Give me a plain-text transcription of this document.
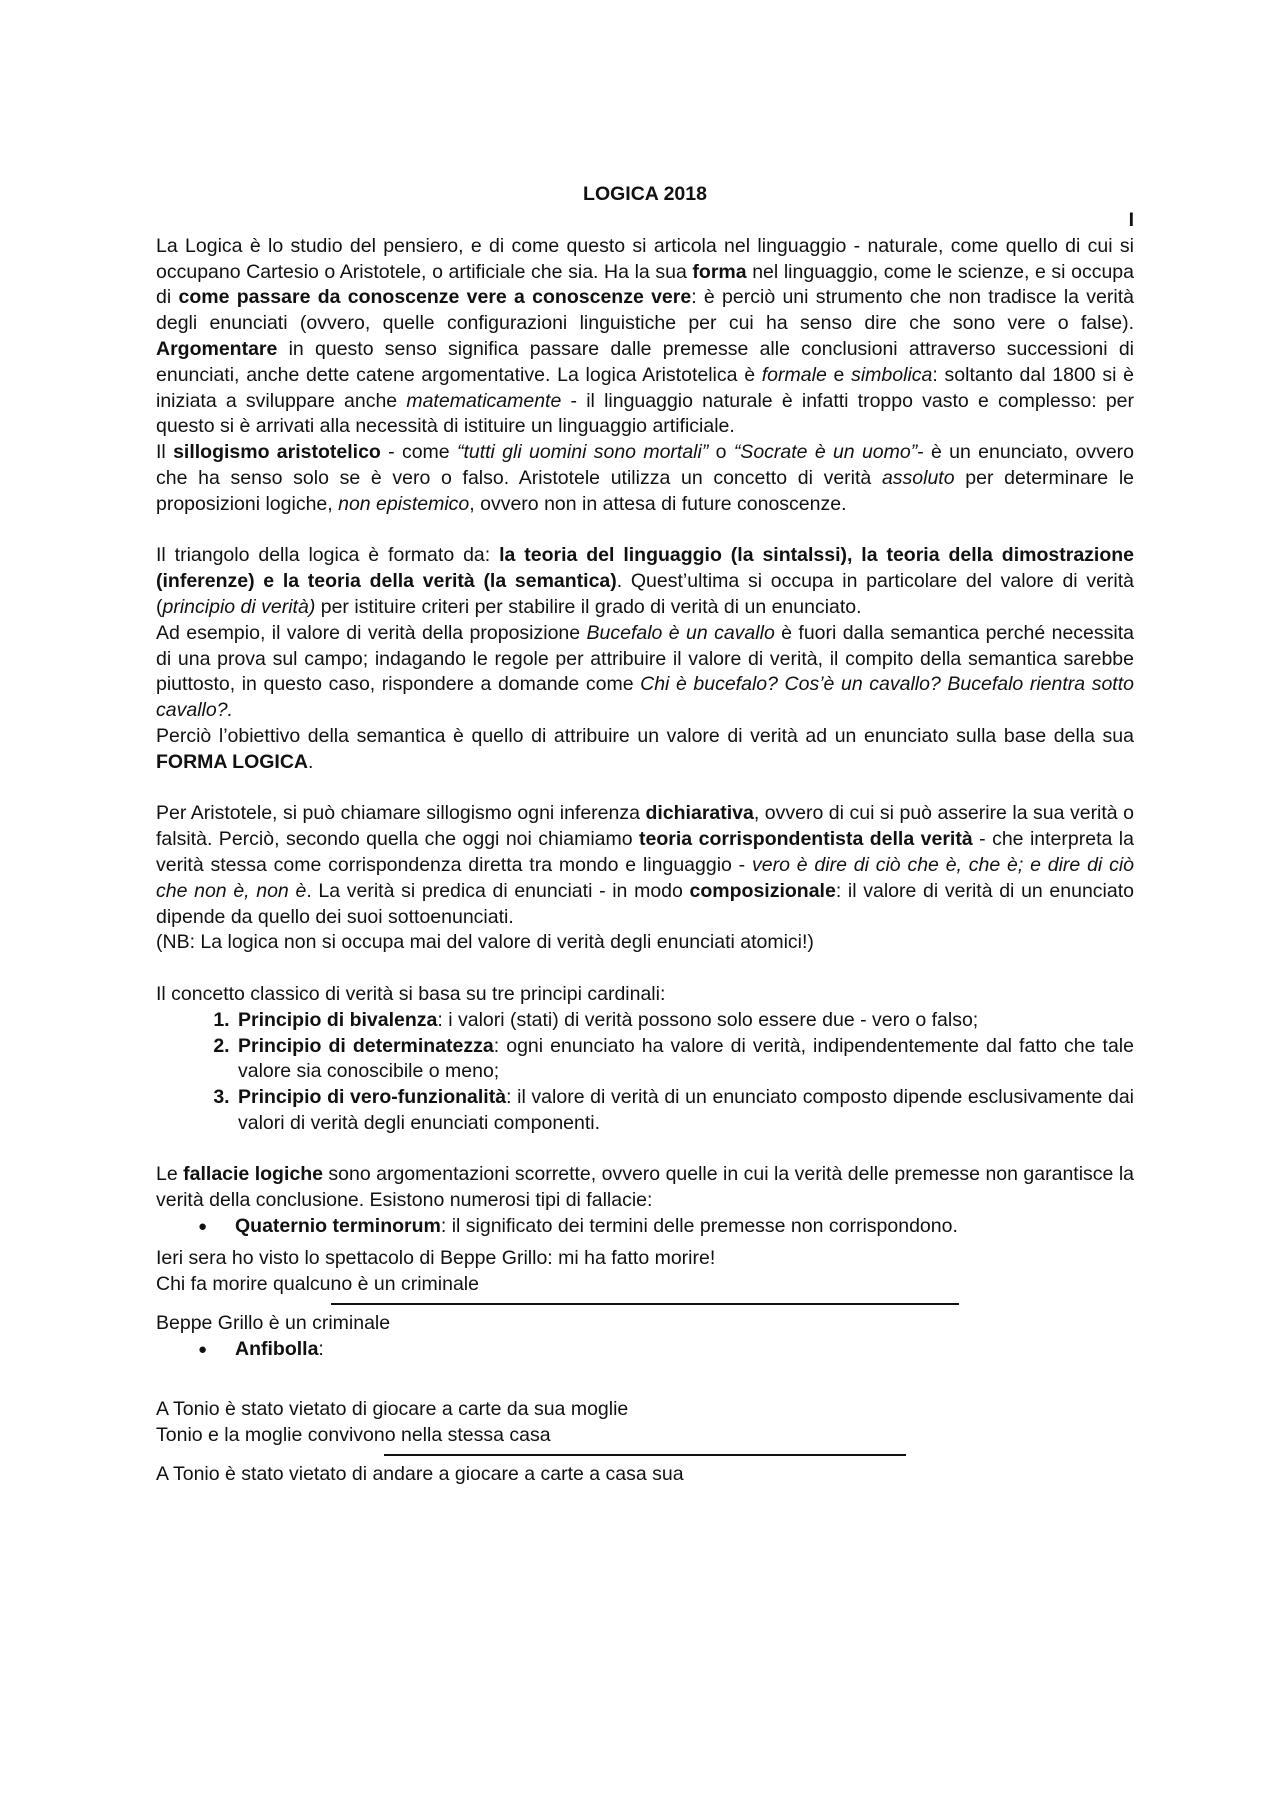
LOGICA 2018

I

La Logica è lo studio del pensiero, e di come questo si articola nel linguaggio - naturale, come quello di cui si occupano Cartesio o Aristotele, o artificiale che sia. Ha la sua forma nel linguaggio, come le scienze, e si occupa di come passare da conoscenze vere a conoscenze vere: è perciò uni strumento che non tradisce la verità degli enunciati (ovvero, quelle configurazioni linguistiche per cui ha senso dire che sono vere o false). Argomentare in questo senso significa passare dalle premesse alle conclusioni attraverso successioni di enunciati, anche dette catene argomentative. La logica Aristotelica è formale e simbolica: soltanto dal 1800 si è iniziata a sviluppare anche matematicamente - il linguaggio naturale è infatti troppo vasto e complesso: per questo si è arrivati alla necessità di istituire un linguaggio artificiale.

Il sillogismo aristotelico - come “tutti gli uomini sono mortali” o “Socrate è un uomo”- è un enunciato, ovvero che ha senso solo se è vero o falso. Aristotele utilizza un concetto di verità assoluto per determinare le proposizioni logiche, non epistemico, ovvero non in attesa di future conoscenze.

Il triangolo della logica è formato da: la teoria del linguaggio (la sintalssi), la teoria della dimostrazione (inferenze) e la teoria della verità (la semantica). Quest’ultima si occupa in particolare del valore di verità (principio di verità) per istituire criteri per stabilire il grado di verità di un enunciato.

Ad esempio, il valore di verità della proposizione Bucefalo è un cavallo è fuori dalla semantica perché necessita di una prova sul campo; indagando le regole per attribuire il valore di verità, il compito della semantica sarebbe piuttosto, in questo caso, rispondere a domande come Chi è bucefalo? Cos’è un cavallo? Bucefalo rientra sotto cavallo?.

Perciò l’obiettivo della semantica è quello di attribuire un valore di verità ad un enunciato sulla base della sua FORMA LOGICA.

Per Aristotele, si può chiamare sillogismo ogni inferenza dichiarativa, ovvero di cui si può asserire la sua verità o falsità. Perciò, secondo quella che oggi noi chiamiamo teoria corrispondentista della verità - che interpreta la verità stessa come corrispondenza diretta tra mondo e linguaggio - vero è dire di ciò che è, che è; e dire di ciò che non è, non è. La verità si predica di enunciati - in modo composizionale: il valore di verità di un enunciato dipende da quello dei suoi sottoenunciati.

(NB: La logica non si occupa mai del valore di verità degli enunciati atomici!)

Il concetto classico di verità si basa su tre principi cardinali:

1. Principio di bivalenza: i valori (stati) di verità possono solo essere due - vero o falso;
2. Principio di determinatezza: ogni enunciato ha valore di verità, indipendentemente dal fatto che tale valore sia conoscibile o meno;
3. Principio di vero-funzionalità: il valore di verità di un enunciato composto dipende esclusivamente dai valori di verità degli enunciati componenti.

Le fallacie logiche sono argomentazioni scorrette, ovvero quelle in cui la verità delle premesse non garantisce la verità della conclusione. Esistono numerosi tipi di fallacie:

● Quaternio terminorum: il significato dei termini delle premesse non corrispondono.

Ieri sera ho visto lo spettacolo di Beppe Grillo: mi ha fatto morire!

Chi fa morire qualcuno è un criminale

Beppe Grillo è un criminale

● Anfibolla:

A Tonio è stato vietato di giocare a carte da sua moglie

Tonio e la moglie convivono nella stessa casa

A Tonio è stato vietato di andare a giocare a carte a casa sua
